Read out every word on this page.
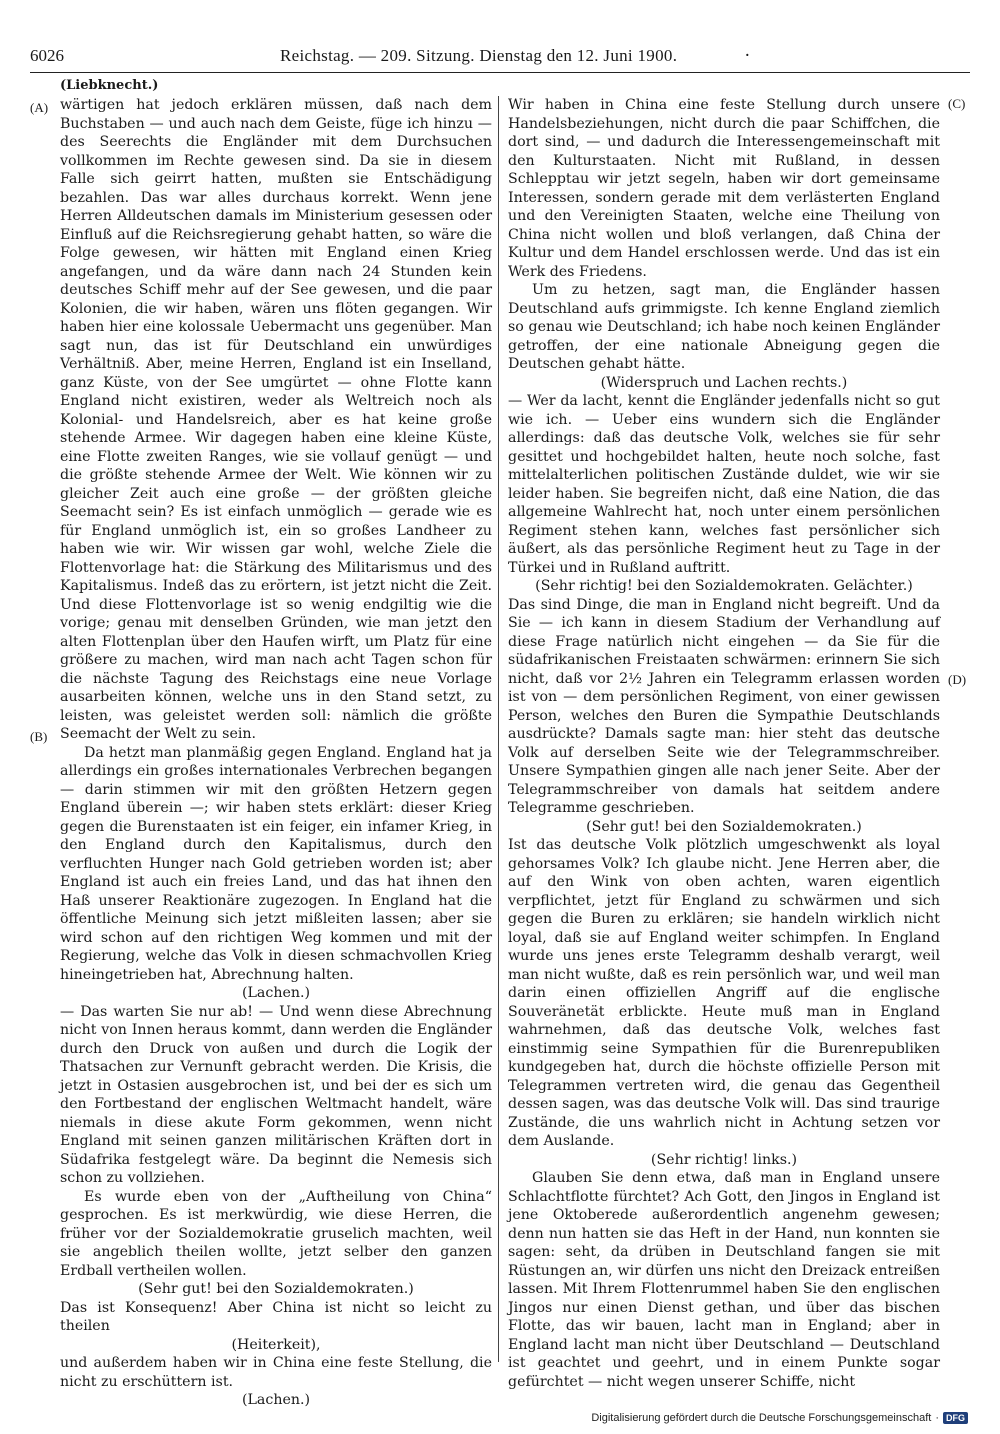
6026	Reichstag. — 209. Sitzung. Dienstag den 12. Juni 1900.	·
(Liebknecht.)
(A)
(B)
(C)
(D)

wärtigen hat jedoch erklären müssen, daß nach dem Buchstaben — und auch nach dem Geiste, füge ich hinzu — des Seerechts die Engländer mit dem Durchsuchen vollkommen im Rechte gewesen sind. Da sie in diesem Falle sich geirrt hatten, mußten sie Entschädigung bezahlen. Das war alles durchaus korrekt. Wenn jene Herren Alldeutschen damals im Ministerium gesessen oder Einfluß auf die Reichsregierung gehabt hatten, so wäre die Folge gewesen, wir hätten mit England einen Krieg angefangen, und da wäre dann nach 24 Stunden kein deutsches Schiff mehr auf der See gewesen, und die paar Kolonien, die wir haben, wären uns flöten gegangen. Wir haben hier eine kolossale Uebermacht uns gegenüber. Man sagt nun, das ist für Deutschland ein unwürdiges Verhältniß. Aber, meine Herren, England ist ein Inselland, ganz Küste, von der See umgürtet — ohne Flotte kann England nicht existiren, weder als Weltreich noch als Kolonial- und Handelsreich, aber es hat keine große stehende Armee. Wir dagegen haben eine kleine Küste, eine Flotte zweiten Ranges, wie sie vollauf genügt — und die größte stehende Armee der Welt. Wie können wir zu gleicher Zeit auch eine große — der größten gleiche Seemacht sein? Es ist einfach unmöglich — gerade wie es für England unmöglich ist, ein so großes Landheer zu haben wie wir. Wir wissen gar wohl, welche Ziele die Flottenvorlage hat: die Stärkung des Militarismus und des Kapitalismus. Indeß das zu erörtern, ist jetzt nicht die Zeit. Und diese Flottenvorlage ist so wenig endgiltig wie die vorige; genau mit denselben Gründen, wie man jetzt den alten Flottenplan über den Haufen wirft, um Platz für eine größere zu machen, wird man nach acht Tagen schon für die nächste Tagung des Reichstags eine neue Vorlage ausarbeiten können, welche uns in den Stand setzt, zu leisten, was geleistet werden soll: nämlich die größte Seemacht der Welt zu sein.

Da hetzt man planmäßig gegen England. England hat ja allerdings ein großes internationales Verbrechen begangen — darin stimmen wir mit den größten Hetzern gegen England überein —; wir haben stets erklärt: dieser Krieg gegen die Burenstaaten ist ein feiger, ein infamer Krieg, in den England durch den Kapitalismus, durch den verfluchten Hunger nach Gold getrieben worden ist; aber England ist auch ein freies Land, und das hat ihnen den Haß unserer Reaktionäre zugezogen. In England hat die öffentliche Meinung sich jetzt mißleiten lassen; aber sie wird schon auf den richtigen Weg kommen und mit der Regierung, welche das Volk in diesen schmachvollen Krieg hineingetrieben hat, Abrechnung halten.

(Lachen.)

— Das warten Sie nur ab! — Und wenn diese Abrechnung nicht von Innen heraus kommt, dann werden die Engländer durch den Druck von außen und durch die Logik der Thatsachen zur Vernunft gebracht werden. Die Krisis, die jetzt in Ostasien ausgebrochen ist, und bei der es sich um den Fortbestand der englischen Weltmacht handelt, wäre niemals in diese akute Form gekommen, wenn nicht England mit seinen ganzen militärischen Kräften dort in Südafrika festgelegt wäre. Da beginnt die Nemesis sich schon zu vollziehen.

Es wurde eben von der „Auftheilung von China“ gesprochen. Es ist merkwürdig, wie diese Herren, die früher vor der Sozialdemokratie gruselich machten, weil sie angeblich theilen wollte, jetzt selber den ganzen Erdball vertheilen wollen.

(Sehr gut! bei den Sozialdemokraten.)

Das ist Konsequenz! Aber China ist nicht so leicht zu theilen

(Heiterkeit),

und außerdem haben wir in China eine feste Stellung, die nicht zu erschüttern ist.

(Lachen.)

Wir haben in China eine feste Stellung durch unsere Handelsbeziehungen, nicht durch die paar Schiffchen, die dort sind, — und dadurch die Interessengemeinschaft mit den Kulturstaaten. Nicht mit Rußland, in dessen Schlepptau wir jetzt segeln, haben wir dort gemeinsame Interessen, sondern gerade mit dem verlästerten England und den Vereinigten Staaten, welche eine Theilung von China nicht wollen und bloß verlangen, daß China der Kultur und dem Handel erschlossen werde. Und das ist ein Werk des Friedens.

Um zu hetzen, sagt man, die Engländer hassen Deutschland aufs grimmigste. Ich kenne England ziemlich so genau wie Deutschland; ich habe noch keinen Engländer getroffen, der eine nationale Abneigung gegen die Deutschen gehabt hätte.

(Widerspruch und Lachen rechts.)

— Wer da lacht, kennt die Engländer jedenfalls nicht so gut wie ich. — Ueber eins wundern sich die Engländer allerdings: daß das deutsche Volk, welches sie für sehr gesittet und hochgebildet halten, heute noch solche, fast mittelalterlichen politischen Zustände duldet, wie wir sie leider haben. Sie begreifen nicht, daß eine Nation, die das allgemeine Wahlrecht hat, noch unter einem persönlichen Regiment stehen kann, welches fast persönlicher sich äußert, als das persönliche Regiment heut zu Tage in der Türkei und in Rußland auftritt.

(Sehr richtig! bei den Sozialdemokraten. Gelächter.)

Das sind Dinge, die man in England nicht begreift. Und da Sie — ich kann in diesem Stadium der Verhandlung auf diese Frage natürlich nicht eingehen — da Sie für die südafrikanischen Freistaaten schwärmen: erinnern Sie sich nicht, daß vor 2½ Jahren ein Telegramm erlassen worden ist von — dem persönlichen Regiment, von einer gewissen Person, welches den Buren die Sympathie Deutschlands ausdrückte? Damals sagte man: hier steht das deutsche Volk auf derselben Seite wie der Telegrammschreiber. Unsere Sympathien gingen alle nach jener Seite. Aber der Telegrammschreiber von damals hat seitdem andere Telegramme geschrieben.

(Sehr gut! bei den Sozialdemokraten.)

Ist das deutsche Volk plötzlich umgeschwenkt als loyal gehorsames Volk? Ich glaube nicht. Jene Herren aber, die auf den Wink von oben achten, waren eigentlich verpflichtet, jetzt für England zu schwärmen und sich gegen die Buren zu erklären; sie handeln wirklich nicht loyal, daß sie auf England weiter schimpfen. In England wurde uns jenes erste Telegramm deshalb verargt, weil man nicht wußte, daß es rein persönlich war, und weil man darin einen offiziellen Angriff auf die englische Souveränetät erblickte. Heute muß man in England wahrnehmen, daß das deutsche Volk, welches fast einstimmig seine Sympathien für die Burenrepubliken kundgegeben hat, durch die höchste offizielle Person mit Telegrammen vertreten wird, die genau das Gegentheil dessen sagen, was das deutsche Volk will. Das sind traurige Zustände, die uns wahrlich nicht in Achtung setzen vor dem Auslande.

(Sehr richtig! links.)

Glauben Sie denn etwa, daß man in England unsere Schlachtflotte fürchtet? Ach Gott, den Jingos in England ist jene Oktoberede außerordentlich angenehm gewesen; denn nun hatten sie das Heft in der Hand, nun konnten sie sagen: seht, da drüben in Deutschland fangen sie mit Rüstungen an, wir dürfen uns nicht den Dreizack entreißen lassen. Mit Ihrem Flottenrummel haben Sie den englischen Jingos nur einen Dienst gethan, und über das bischen Flotte, das wir bauen, lacht man in England; aber in England lacht man nicht über Deutschland — Deutschland ist geachtet und geehrt, und in einem Punkte sogar gefürchtet — nicht wegen unserer Schiffe, nicht

Digitalisierung gefördert durch die Deutsche Forschungsgemeinschaft · DFG
